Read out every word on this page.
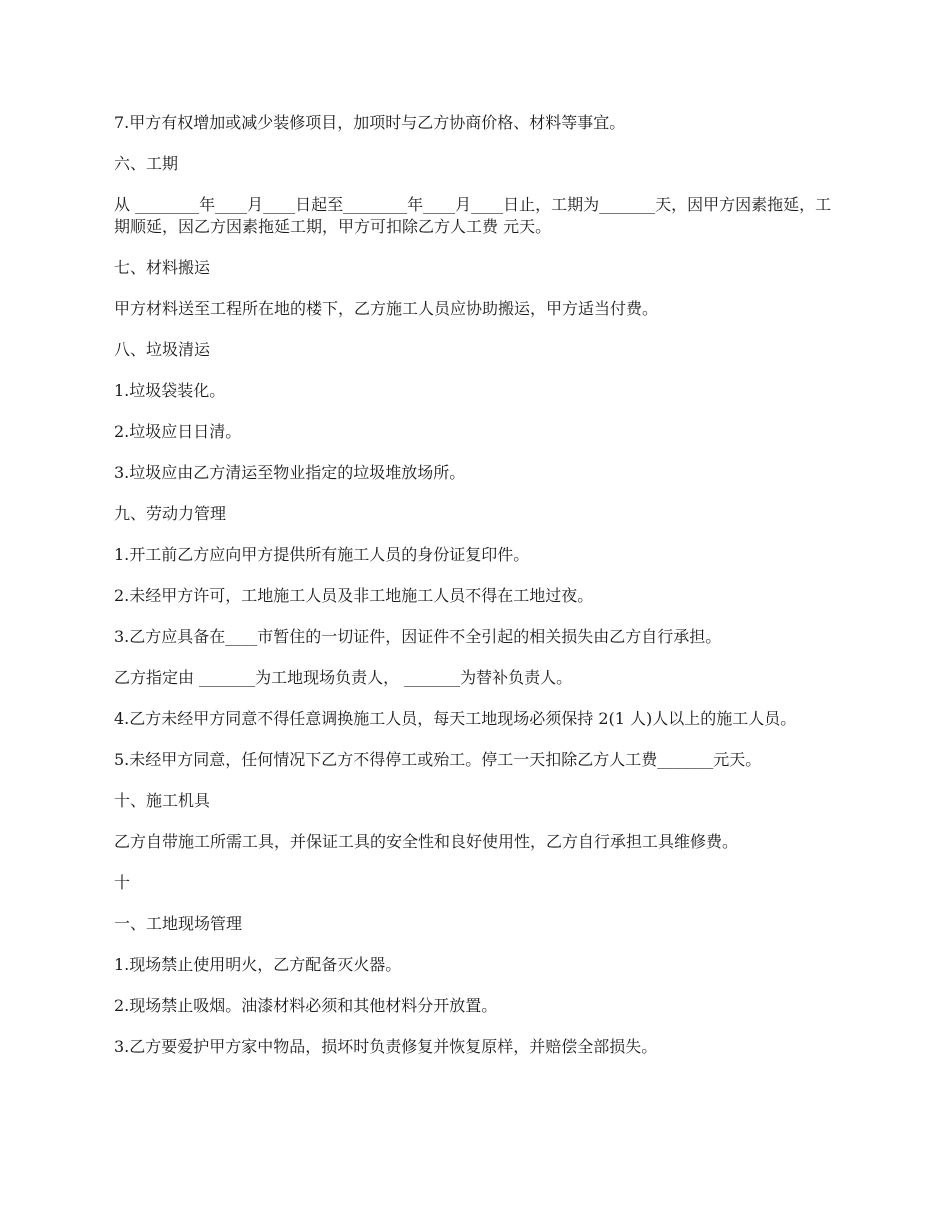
7.甲方有权增加或减少装修项目，加项时与乙方协商价格、材料等事宜。

六、工期

从 ________年____月____日起至________年____月____日止，工期为_______天，因甲方因素拖延，工期顺延，因乙方因素拖延工期，甲方可扣除乙方人工费 元天。

七、材料搬运

甲方材料送至工程所在地的楼下，乙方施工人员应协助搬运，甲方适当付费。

八、垃圾清运

1.垃圾袋装化。

2.垃圾应日日清。

3.垃圾应由乙方清运至物业指定的垃圾堆放场所。

九、劳动力管理

1.开工前乙方应向甲方提供所有施工人员的身份证复印件。

2.未经甲方许可，工地施工人员及非工地施工人员不得在工地过夜。

3.乙方应具备在____市暂住的一切证件，因证件不全引起的相关损失由乙方自行承担。

乙方指定由 _______为工地现场负责人， _______为替补负责人。

4.乙方未经甲方同意不得任意调换施工人员，每天工地现场必须保持 2(1 人)人以上的施工人员。

5.未经甲方同意，任何情况下乙方不得停工或殆工。停工一天扣除乙方人工费_______元天。

十、施工机具

乙方自带施工所需工具，并保证工具的安全性和良好使用性，乙方自行承担工具维修费。

十

一、工地现场管理

1.现场禁止使用明火，乙方配备灭火器。

2.现场禁止吸烟。油漆材料必须和其他材料分开放置。

3.乙方要爱护甲方家中物品，损坏时负责修复并恢复原样，并赔偿全部损失。
